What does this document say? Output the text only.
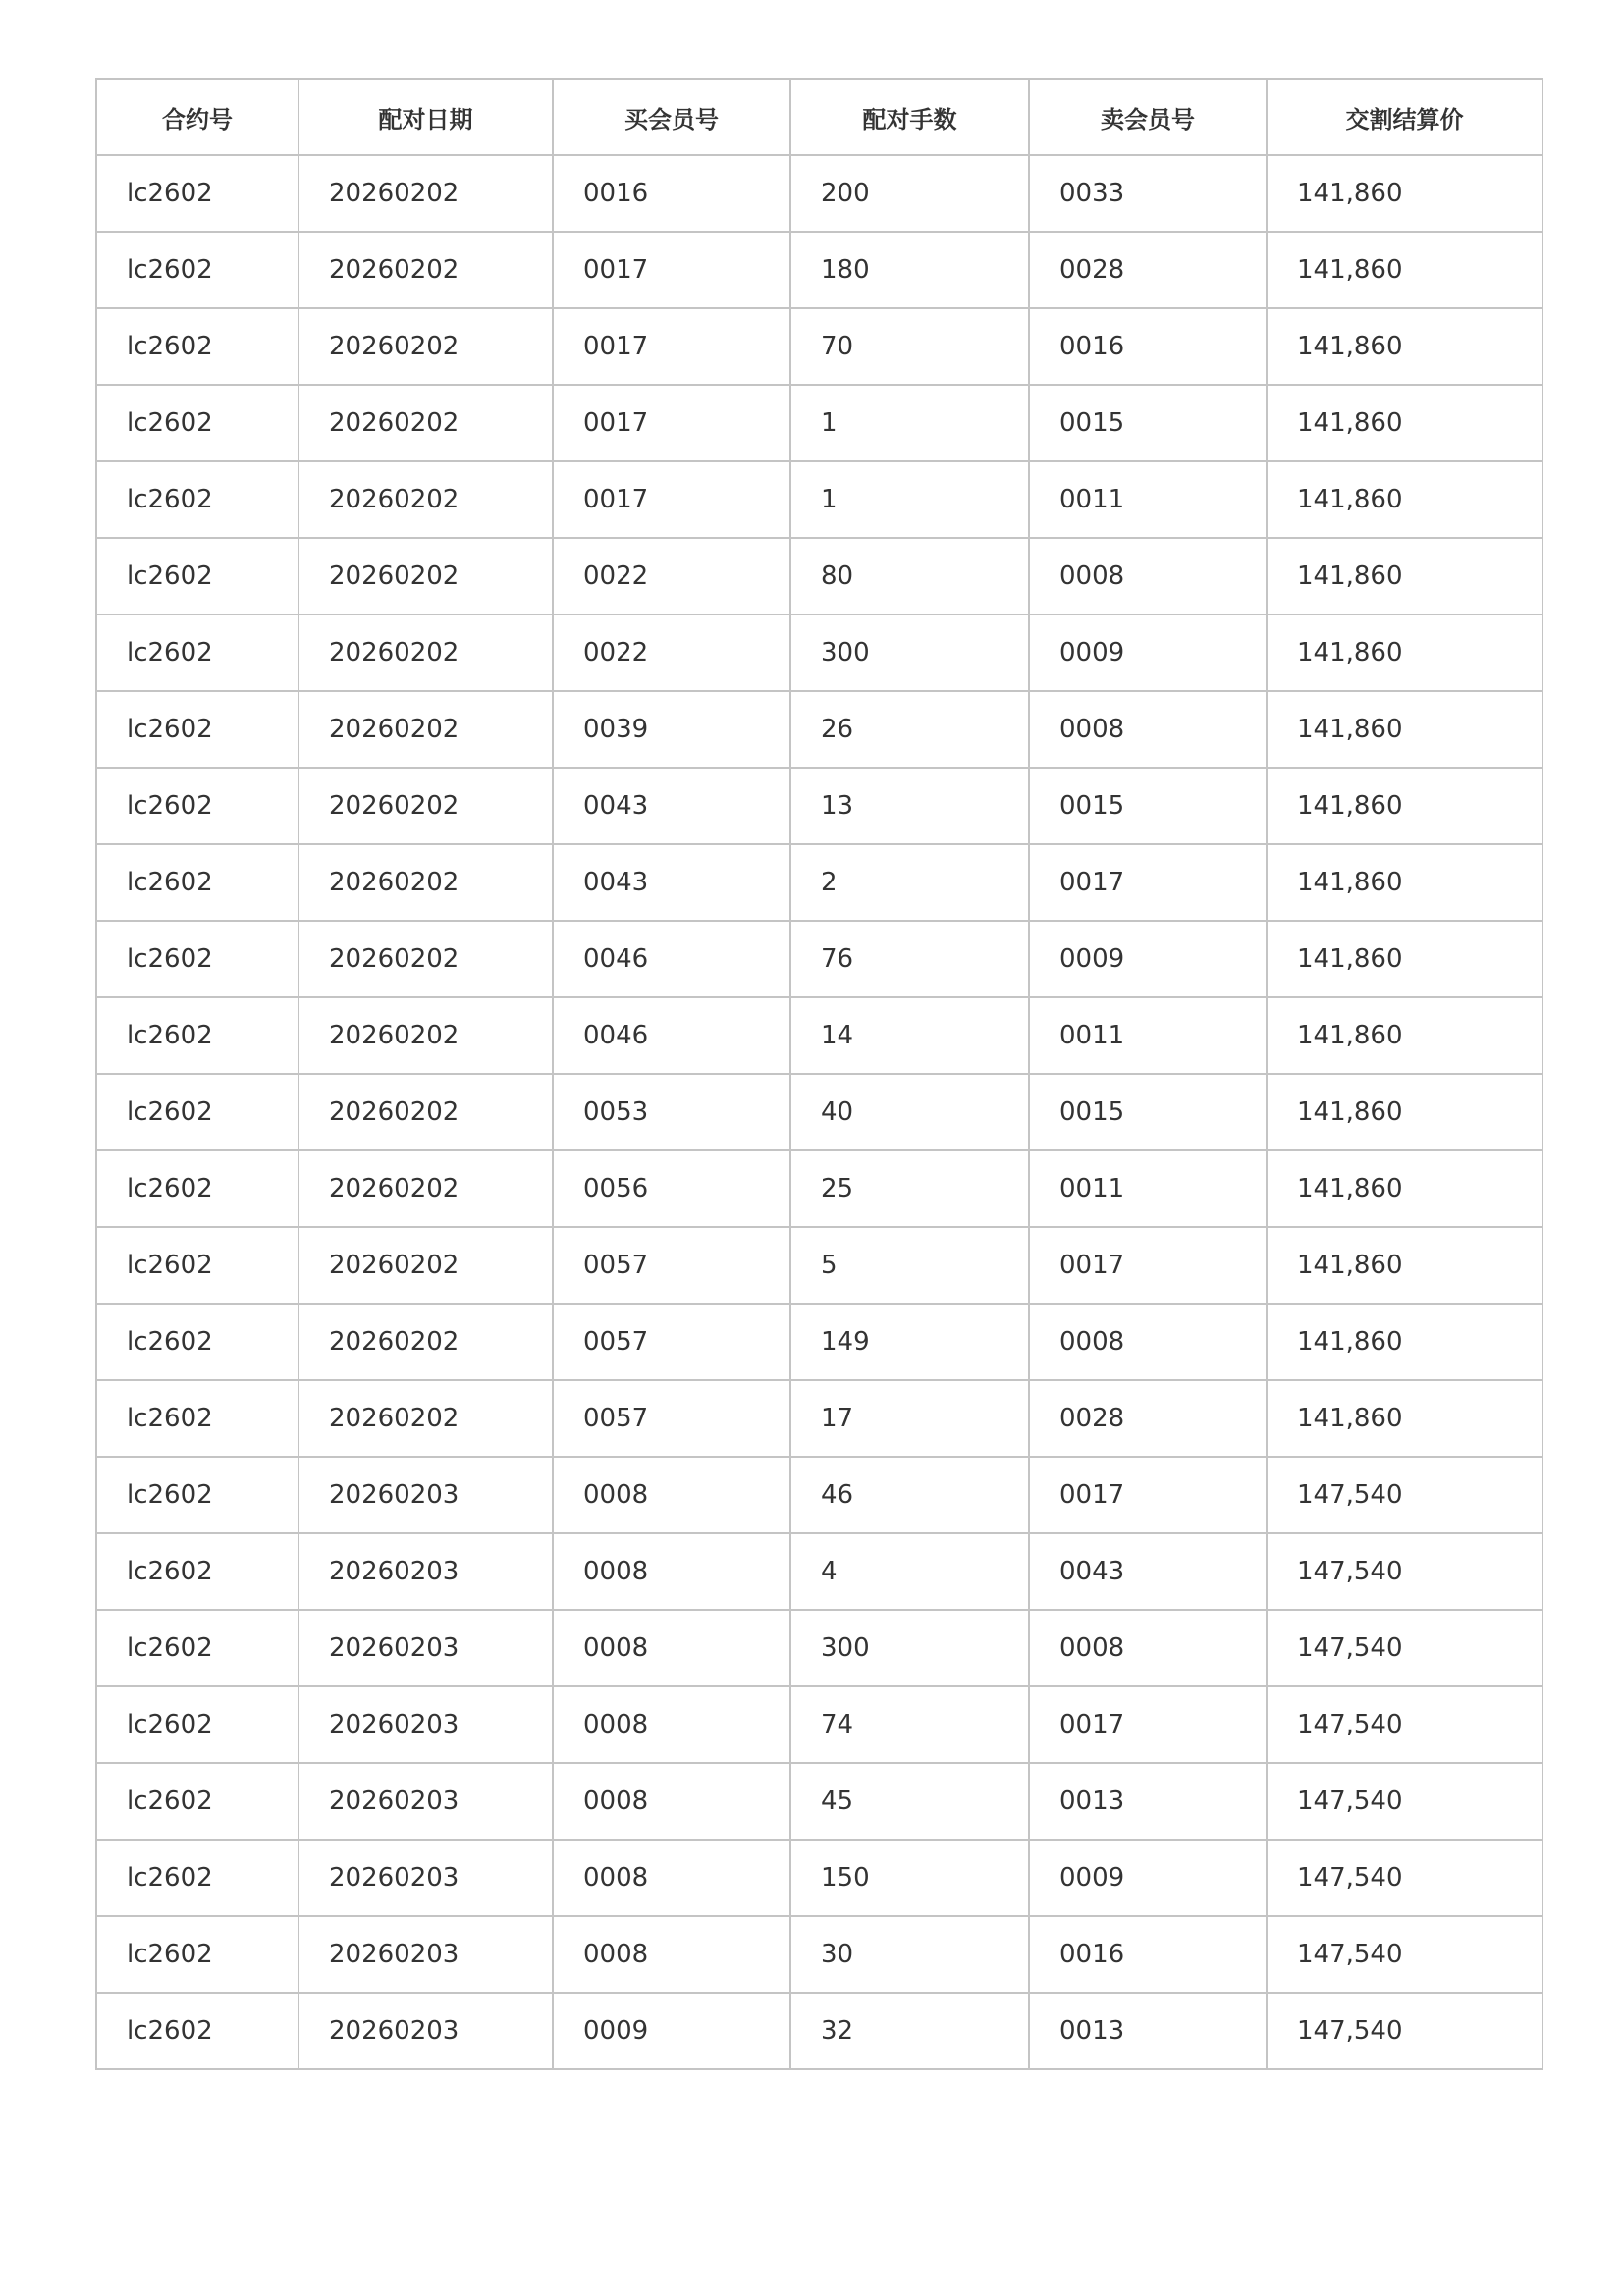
合约号	配对日期	买会员号	配对手数	卖会员号	交割结算价
lc2602	20260202	0016	200	0033	141,860
lc2602	20260202	0017	180	0028	141,860
lc2602	20260202	0017	70	0016	141,860
lc2602	20260202	0017	1	0015	141,860
lc2602	20260202	0017	1	0011	141,860
lc2602	20260202	0022	80	0008	141,860
lc2602	20260202	0022	300	0009	141,860
lc2602	20260202	0039	26	0008	141,860
lc2602	20260202	0043	13	0015	141,860
lc2602	20260202	0043	2	0017	141,860
lc2602	20260202	0046	76	0009	141,860
lc2602	20260202	0046	14	0011	141,860
lc2602	20260202	0053	40	0015	141,860
lc2602	20260202	0056	25	0011	141,860
lc2602	20260202	0057	5	0017	141,860
lc2602	20260202	0057	149	0008	141,860
lc2602	20260202	0057	17	0028	141,860
lc2602	20260203	0008	46	0017	147,540
lc2602	20260203	0008	4	0043	147,540
lc2602	20260203	0008	300	0008	147,540
lc2602	20260203	0008	74	0017	147,540
lc2602	20260203	0008	45	0013	147,540
lc2602	20260203	0008	150	0009	147,540
lc2602	20260203	0008	30	0016	147,540
lc2602	20260203	0009	32	0013	147,540
